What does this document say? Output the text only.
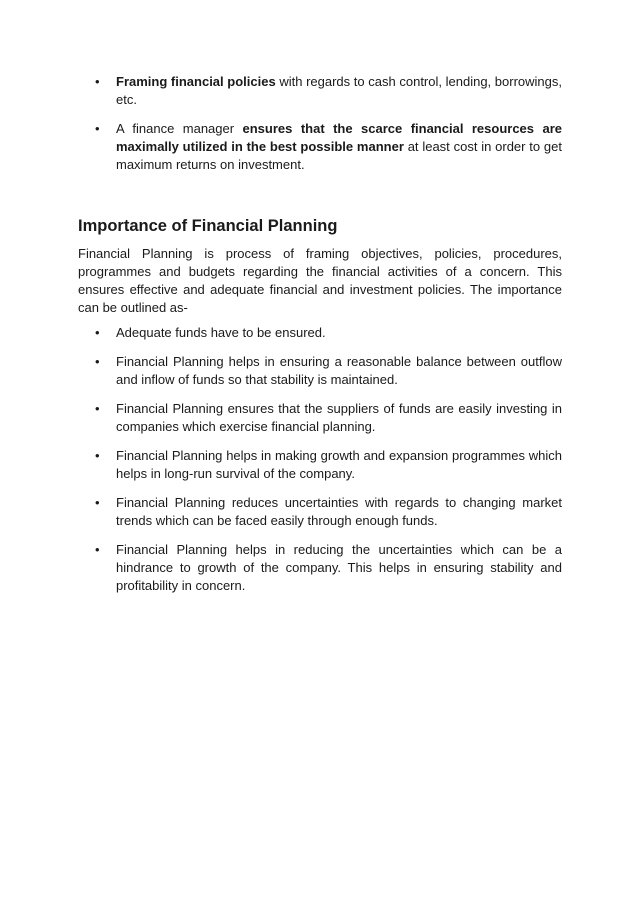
• Framing financial policies with regards to cash control, lending, borrowings, etc.
• A finance manager ensures that the scarce financial resources are maximally utilized in the best possible manner at least cost in order to get maximum returns on investment.
Importance of Financial Planning

Financial Planning is process of framing objectives, policies, procedures, programmes and budgets regarding the financial activities of a concern. This ensures effective and adequate financial and investment policies. The importance can be outlined as-

• Adequate funds have to be ensured.
• Financial Planning helps in ensuring a reasonable balance between outflow and inflow of funds so that stability is maintained.
• Financial Planning ensures that the suppliers of funds are easily investing in companies which exercise financial planning.
• Financial Planning helps in making growth and expansion programmes which helps in long-run survival of the company.
• Financial Planning reduces uncertainties with regards to changing market trends which can be faced easily through enough funds.
• Financial Planning helps in reducing the uncertainties which can be a hindrance to growth of the company. This helps in ensuring stability and profitability in concern.
